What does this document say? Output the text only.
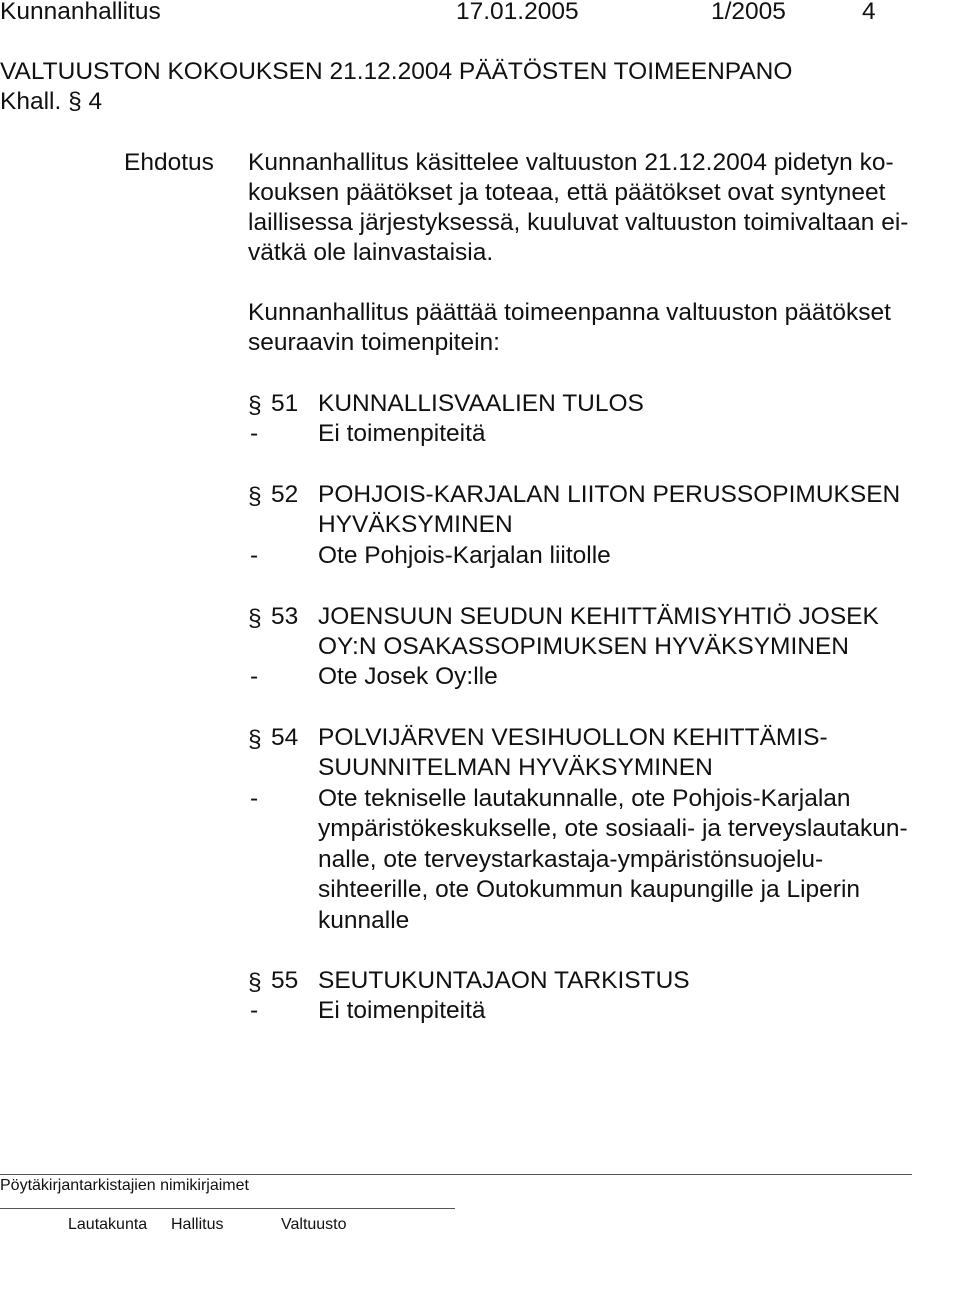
Kunnanhallitus	17.01.2005	1/2005	4
VALTUUSTON KOKOUKSEN 21.12.2004 PÄÄTÖSTEN TOIMEENPANO
Khall. § 4
Ehdotus Kunnanhallitus käsittelee valtuuston 21.12.2004 pidetyn ko-
kouksen päätökset ja toteaa, että päätökset ovat syntyneet
laillisessa järjestyksessä, kuuluvat valtuuston toimivaltaan ei-
vätkä ole lainvastaisia.
Kunnanhallitus päättää toimeenpanna valtuuston päätökset
seuraavin toimenpitein:
§ 51 KUNNALLISVAALIEN TULOS
- Ei toimenpiteitä
§ 52 POHJOIS-KARJALAN LIITON PERUSSOPIMUKSEN
HYVÄKSYMINEN
- Ote Pohjois-Karjalan liitolle
§ 53 JOENSUUN SEUDUN KEHITTÄMISYHTIÖ JOSEK
OY:N OSAKASSOPIMUKSEN HYVÄKSYMINEN
- Ote Josek Oy:lle
§ 54 POLVIJÄRVEN VESIHUOLLON KEHITTÄMIS-
SUUNNITELMAN HYVÄKSYMINEN
- Ote tekniselle lautakunnalle, ote Pohjois-Karjalan
ympäristökeskukselle, ote sosiaali- ja terveyslautakun-
nalle, ote terveystarkastaja-ympäristönsuojelu-
sihteerille, ote Outokummun kaupungille ja Liperin
kunnalle
§ 55 SEUTUKUNTAJAON TARKISTUS
- Ei toimenpiteitä
Pöytäkirjantarkistajien nimikirjaimet
Lautakunta Hallitus	Valtuusto
